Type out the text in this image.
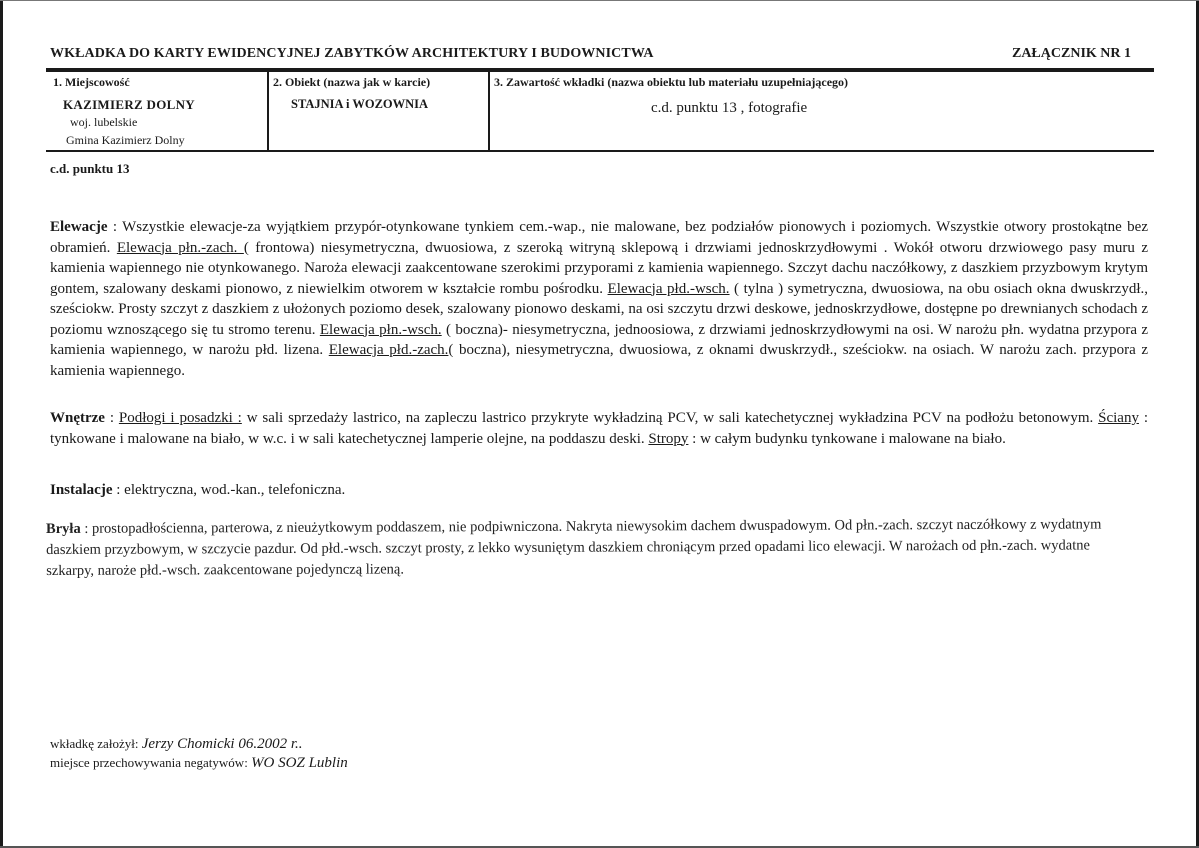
WKŁADKA DO KARTY EWIDENCYJNEJ ZABYTKÓW ARCHITEKTURY I BUDOWNICTWA	ZAŁĄCZNIK NR 1
1. Miejscowość
KAZIMIERZ DOLNY
woj. lubelskie
Gmina Kazimierz Dolny
2. Obiekt (nazwa jak w karcie)
STAJNIA i WOZOWNIA
3. Zawartość wkładki (nazwa obiektu lub materiału uzupełniającego)
c.d. punktu 13 , fotografie
c.d. punktu 13
Elewacje : Wszystkie elewacje-za wyjątkiem przypór-otynkowane tynkiem cem.-wap., nie malowane, bez podziałów pionowych i poziomych. Wszystkie otwory prostokątne bez obramień. Elewacja płn.-zach. ( frontowa) niesymetryczna, dwuosiowa, z szeroką witryną sklepową i drzwiami jednoskrzydłowymi . Wokół otworu drzwiowego pasy muru z kamienia wapiennego nie otynkowanego. Naroża elewacji zaakcentowane szerokimi przyporami z kamienia wapiennego. Szczyt dachu naczółkowy, z daszkiem przyzbowym krytym gontem, szalowany deskami pionowo, z niewielkim otworem w kształcie rombu pośrodku. Elewacja płd.-wsch. ( tylna ) symetryczna, dwuosiowa, na obu osiach okna dwuskrzydł., sześciokw. Prosty szczyt z daszkiem z ułożonych poziomo desek, szalowany pionowo deskami, na osi szczytu drzwi deskowe, jednoskrzydłowe, dostępne po drewnianych schodach z poziomu wznoszącego się tu stromo terenu. Elewacja płn.-wsch. ( boczna)- niesymetryczna, jednoosiowa, z drzwiami jednoskrzydłowymi na osi. W narożu płn. wydatna przypora z kamienia wapiennego, w narożu płd. lizena. Elewacja płd.-zach.( boczna), niesymetryczna, dwuosiowa, z oknami dwuskrzydł., sześciokw. na osiach. W narożu zach. przypora z kamienia wapiennego.
Wnętrze : Podłogi i posadzki : w sali sprzedaży lastrico, na zapleczu lastrico przykryte wykładziną PCV, w sali katechetycznej wykładzina PCV na podłożu betonowym. Ściany : tynkowane i malowane na biało, w w.c. i w sali katechetycznej lamperie olejne, na poddaszu deski. Stropy : w całym budynku tynkowane i malowane na biało.
Instalacje : elektryczna, wod.-kan., telefoniczna.
Bryła : prostopadłościenna, parterowa, z nieużytkowym poddaszem, nie podpiwniczona. Nakryta niewysokim dachem dwuspadowym. Od płn.-zach. szczyt naczółkowy z wydatnym daszkiem przyzbowym, w szczycie pazdur. Od płd.-wsch. szczyt prosty, z lekko wysuniętym daszkiem chroniącym przed opadami lico elewacji. W narożach od płn.-zach. wydatne szkarpy, naroże płd.-wsch. zaakcentowane pojedynczą lizeną.
wkładkę założył: Jerzy Chomicki 06.2002 r..
miejsce przechowywania negatywów: WO SOZ Lublin
